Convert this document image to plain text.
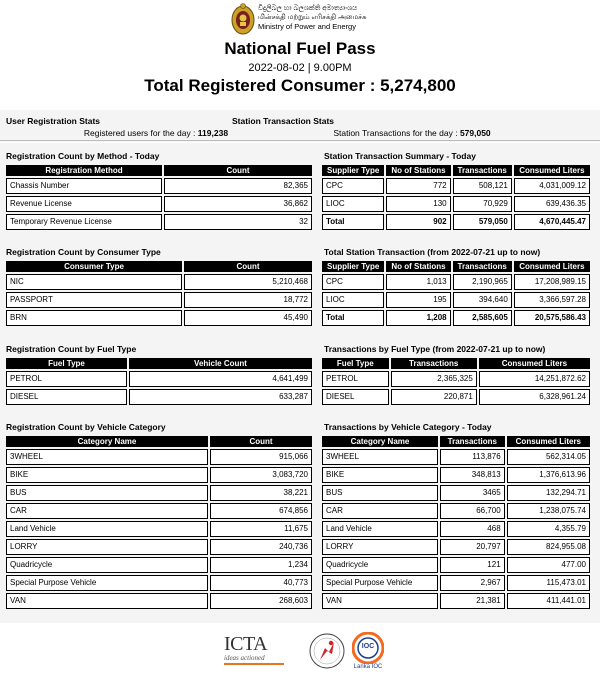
විදුලිබල හා බලශක්ති අමාත්‍යාංශය
மின்சக்தி மற்றும் எரிசக்தி அமைச்சு
Ministry of Power and Energy
National Fuel Pass
2022-08-02 | 9.00PM
Total Registered Consumer : 5,274,800
User Registration Stats
Registered users for the day : 119,238
Station Transaction Stats
Station Transactions for the day : 579,050
Registration Count by Method - Today
Registration Method	Count
Chassis Number	82,365
Revenue License	36,862
Temporary Revenue License	32
Station Transaction Summary - Today
Supplier Type	No of Stations	Transactions	Consumed Liters
CPC	772	508,121	4,031,009.12
LIOC	130	70,929	639,436.35
Total	902	579,050	4,670,445.47
Registration Count by Consumer Type
Consumer Type	Count
NIC	5,210,468
PASSPORT	18,772
BRN	45,490
Total Station Transaction (from 2022-07-21 up to now)
Supplier Type	No of Stations	Transactions	Consumed Liters
CPC	1,013	2,190,965	17,208,989.15
LIOC	195	394,640	3,366,597.28
Total	1,208	2,585,605	20,575,586.43
Registration Count by Fuel Type
Fuel Type	Vehicle Count
PETROL	4,641,499
DIESEL	633,287
Transactions by Fuel Type (from 2022-07-21 up to now)
Fuel Type	Transactions	Consumed Liters
PETROL	2,365,325	14,251,872.62
DIESEL	220,871	6,328,961.24
Registration Count by Vehicle Category
Category Name	Count
3WHEEL	915,066
BIKE	3,083,720
BUS	38,221
CAR	674,856
Land Vehicle	11,675
LORRY	240,736
Quadricycle	1,234
Special Purpose Vehicle	40,773
VAN	268,603
Transactions by Vehicle Category - Today
Category Name	Transactions	Consumed Liters
3WHEEL	113,876	562,314.05
BIKE	348,813	1,376,613.96
BUS	3465	132,294.71
CAR	66,700	1,238,075.74
Land Vehicle	468	4,355.79
LORRY	20,797	824,955.08
Quadricycle	121	477.00
Special Purpose Vehicle	2,967	115,473.01
VAN	21,381	411,441.01
ICTA
ideas actioned
IOC
Lanka IOC
